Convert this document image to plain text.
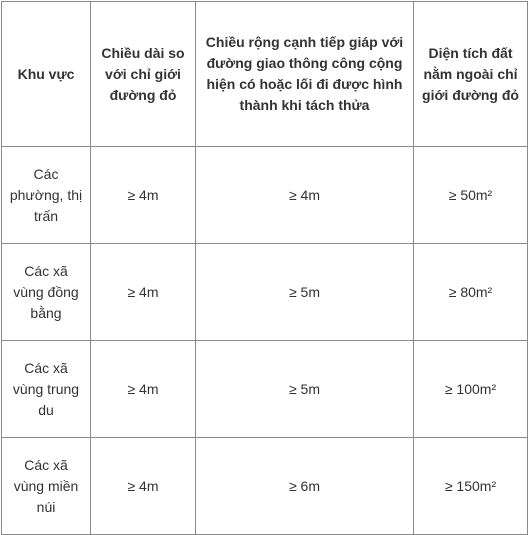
Khu vực	Chiều dài so với chỉ giới đường đỏ	Chiều rộng cạnh tiếp giáp với đường giao thông công cộng hiện có hoặc lối đi được hình thành khi tách thửa	Diện tích đất nằm ngoài chỉ giới đường đỏ
Các phường, thị trấn	≥ 4m	≥ 4m	≥ 50m²
Các xã vùng đồng bằng	≥ 4m	≥ 5m	≥ 80m²
Các xã vùng trung du	≥ 4m	≥ 5m	≥ 100m²
Các xã vùng miền núi	≥ 4m	≥ 6m	≥ 150m²
